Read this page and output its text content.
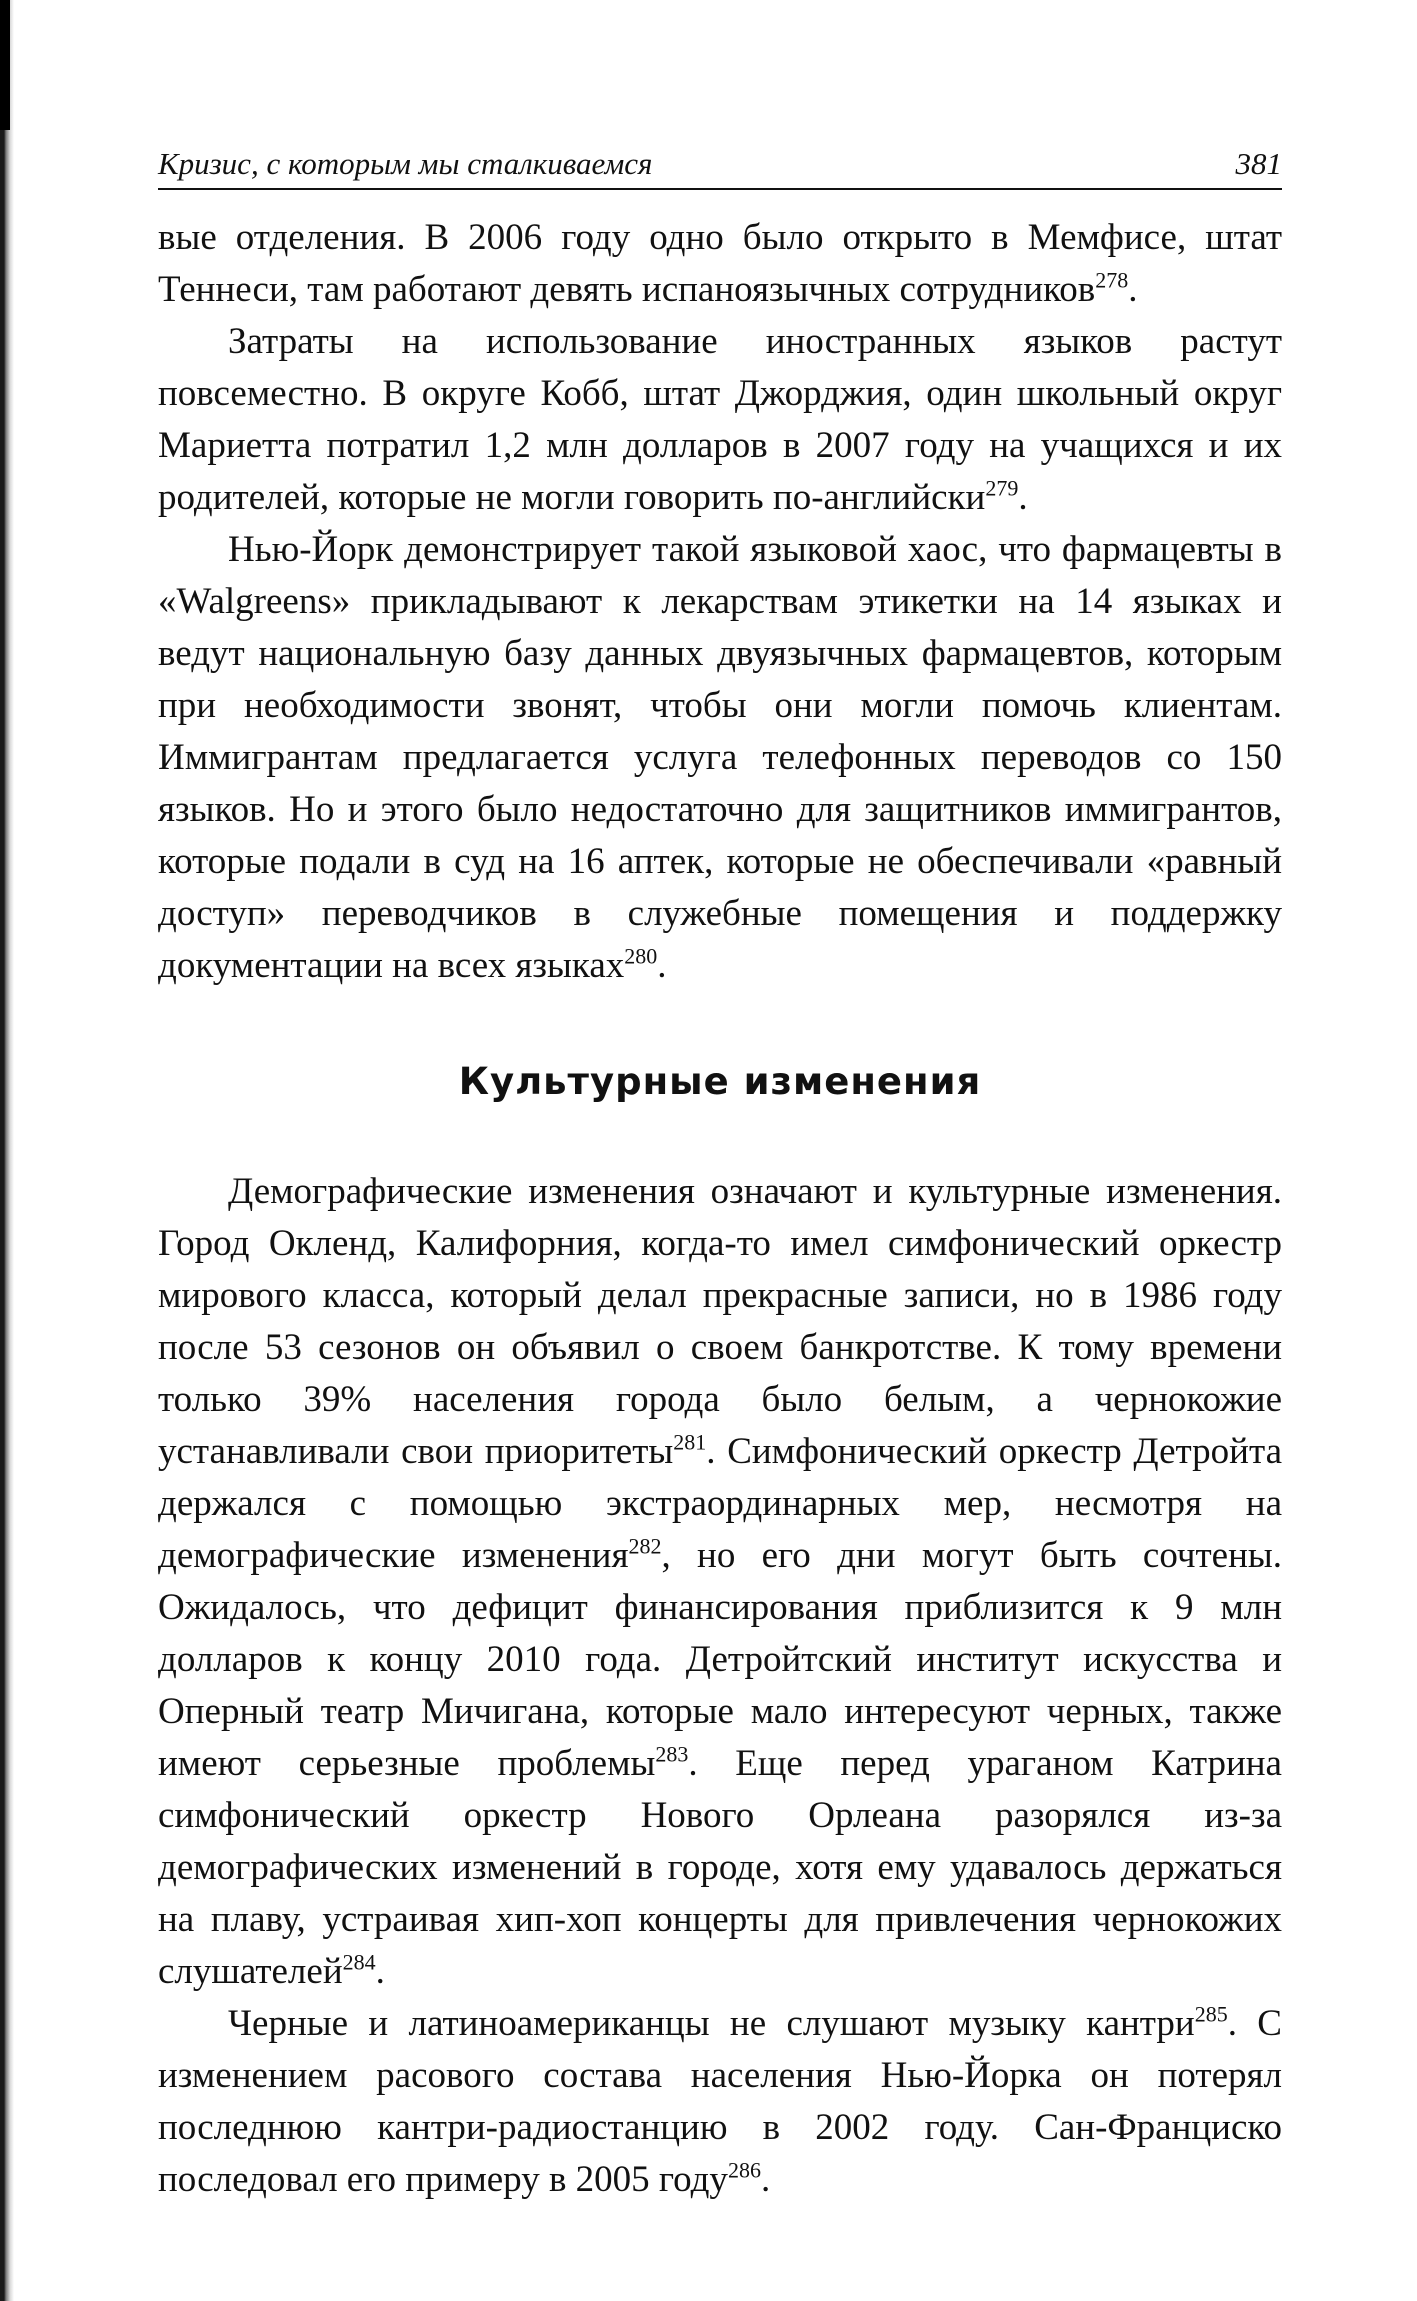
Кризис, с которым мы сталкиваемся	381

вые отделения. В 2006 году одно было открыто в Мемфисе, штат Теннеси, там работают девять испаноязычных сотрудников$^{278}$.

Затраты на использование иностранных языков растут повсеместно. В округе Кобб, штат Джорджия, один школьный округ Мариетта потратил 1,2 млн долларов в 2007 году на учащихся и их родителей, которые не могли говорить по-английски$^{279}$.

Нью-Йорк демонстрирует такой языковой хаос, что фармацевты в «Walgreens» прикладывают к лекарствам этикетки на 14 языках и ведут национальную базу данных двуязычных фармацевтов, которым при необходимости звонят, чтобы они могли помочь клиентам. Иммигрантам предлагается услуга телефонных переводов со 150 языков. Но и этого было недостаточно для защитников иммигрантов, которые подали в суд на 16 аптек, которые не обеспечивали «равный доступ» переводчиков в служебные помещения и поддержку документации на всех языках$^{280}$.

Культурные изменения

Демографические изменения означают и культурные изменения. Город Окленд, Калифорния, когда-то имел симфонический оркестр мирового класса, который делал прекрасные записи, но в 1986 году после 53 сезонов он объявил о своем банкротстве. К тому времени только 39% населения города было белым, а чернокожие устанавливали свои приоритеты$^{281}$. Симфонический оркестр Детройта держался с помощью экстраординарных мер, несмотря на демографические изменения$^{282}$, но его дни могут быть сочтены. Ожидалось, что дефицит финансирования приблизится к 9 млн долларов к концу 2010 года. Детройтский институт искусства и Оперный театр Мичигана, которые мало интересуют черных, также имеют серьезные проблемы$^{283}$. Еще перед ураганом Катрина симфонический оркестр Нового Орлеана разорялся из-за демографических изменений в городе, хотя ему удавалось держаться на плаву, устраивая хип-хоп концерты для привлечения чернокожих слушателей$^{284}$.

Черные и латиноамериканцы не слушают музыку кантри$^{285}$. С изменением расового состава населения Нью-Йорка он потерял последнюю кантри-радиостанцию в 2002 году. Сан-Франциско последовал его примеру в 2005 году$^{286}$.
